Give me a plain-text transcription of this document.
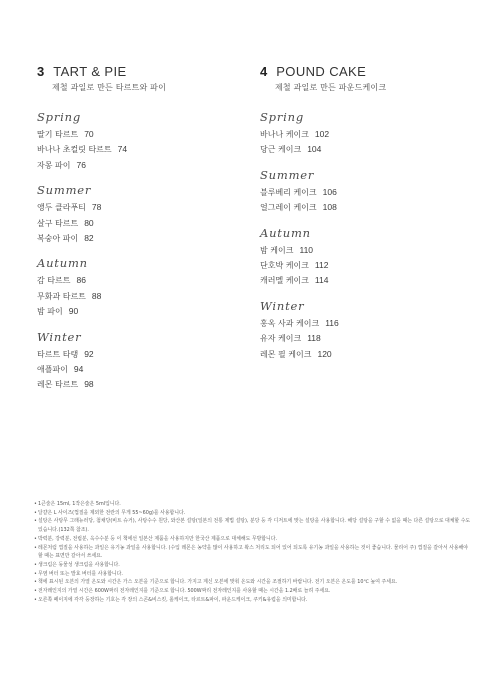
3 TART & PIE
제철 과일로 만든 타르트와 파이
Spring
딸기 타르트 70
바나나 초컬릿 타르트 74
자몽 파이 76
Summer
앵두 클라푸티 78
살구 타르트 80
복숭아 파이 82
Autumn
감 타르트 86
무화과 타르트 88
밤 파이 90
Winter
타르트 타탱 92
애플파이 94
레몬 타르트 98
4 POUND CAKE
제철 과일로 만든 파운드케이크
Spring
바나나 케이크 102
당근 케이크 104
Summer
블루베리 케이크 106
얼그레이 케이크 108
Autumn
밤 케이크 110
단호박 케이크 112
캐러멜 케이크 114
Winter
홍옥 사과 케이크 116
유자 케이크 118
레몬 필 케이크 120
• 1큰술은 15ml, 1작은술은 5ml입니다.
• 달걀은 L 사이즈(껍질을 제외한 전란의 무게 55~60g)를 사용합니다.
• 설탕은 사탕무 그래뉴러당, 첨채당(비트 슈거), 사탕수수 원당, 와산본 설탕(일본의 전통 제법 설탕), 분당 등 각 디저트에 맞는 설탕을 사용합니다. 해당 설탕을 구할 수 없을 때는 다른 설탕으로 대체할 수도 있습니다.(132쪽 참조).
• 박력분, 강력분, 전립분, 옥수수분 등 이 책에선 일본산 제품을 사용하지만 한국산 제품으로 대체해도 무방합니다.
• 레몬처럼 껍질을 사용하는 과일은 유기농 과일을 사용합니다. (수입 레몬은 농약을 많이 사용하고 왁스 처리도 되어 있어 되도록 유기농 과일을 사용하는 것이 좋습니다. 물리어 주) 껍질을 갈아서 사용해야 할 때는 표면만 갈아서 쓰세요.
• 생크림은 동물성 생크림을 사용합니다.
• 무염 버터 또는 발효 버터를 사용합니다.
• 책에 표시된 오븐의 가열 온도와 시간은 가스 오븐을 기준으로 합니다. 가지고 계신 오븐에 맞춰 온도와 시간을 조절하기 바랍니다. 전기 오븐은 온도를 10℃ 높여 주세요.
• 전자레인지의 가열 시간은 600W짜리 전자레인지를 기준으로 합니다. 500W짜리 전자레인지를 사용할 때는 시간을 1.2배로 늘려 주세요.
• 오른쪽 페이지에 각각 등장하는 기호는 각 장의 스콘&비스킷, 롤케이크, 타르트&파이, 파운드케이크, 쿠키&유럽을 의미합니다.
